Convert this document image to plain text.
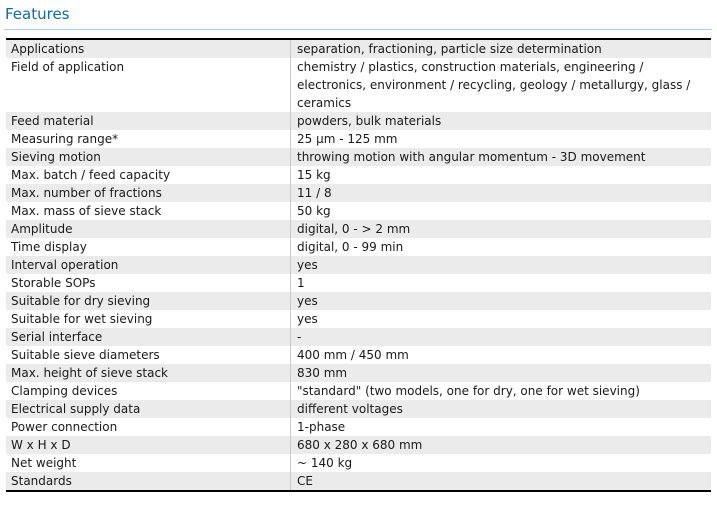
Features
Applications	separation, fractioning, particle size determination
Field of application	chemistry / plastics, construction materials, engineering / electronics, environment / recycling, geology / metallurgy, glass / ceramics
Feed material	powders, bulk materials
Measuring range*	25 µm - 125 mm
Sieving motion	throwing motion with angular momentum - 3D movement
Max. batch / feed capacity	15 kg
Max. number of fractions	11 / 8
Max. mass of sieve stack	50 kg
Amplitude	digital, 0 - > 2 mm
Time display	digital, 0 - 99 min
Interval operation	yes
Storable SOPs	1
Suitable for dry sieving	yes
Suitable for wet sieving	yes
Serial interface	-
Suitable sieve diameters	400 mm / 450 mm
Max. height of sieve stack	830 mm
Clamping devices	"standard" (two models, one for dry, one for wet sieving)
Electrical supply data	different voltages
Power connection	1-phase
W x H x D	680 x 280 x 680 mm
Net weight	~ 140 kg
Standards	CE
